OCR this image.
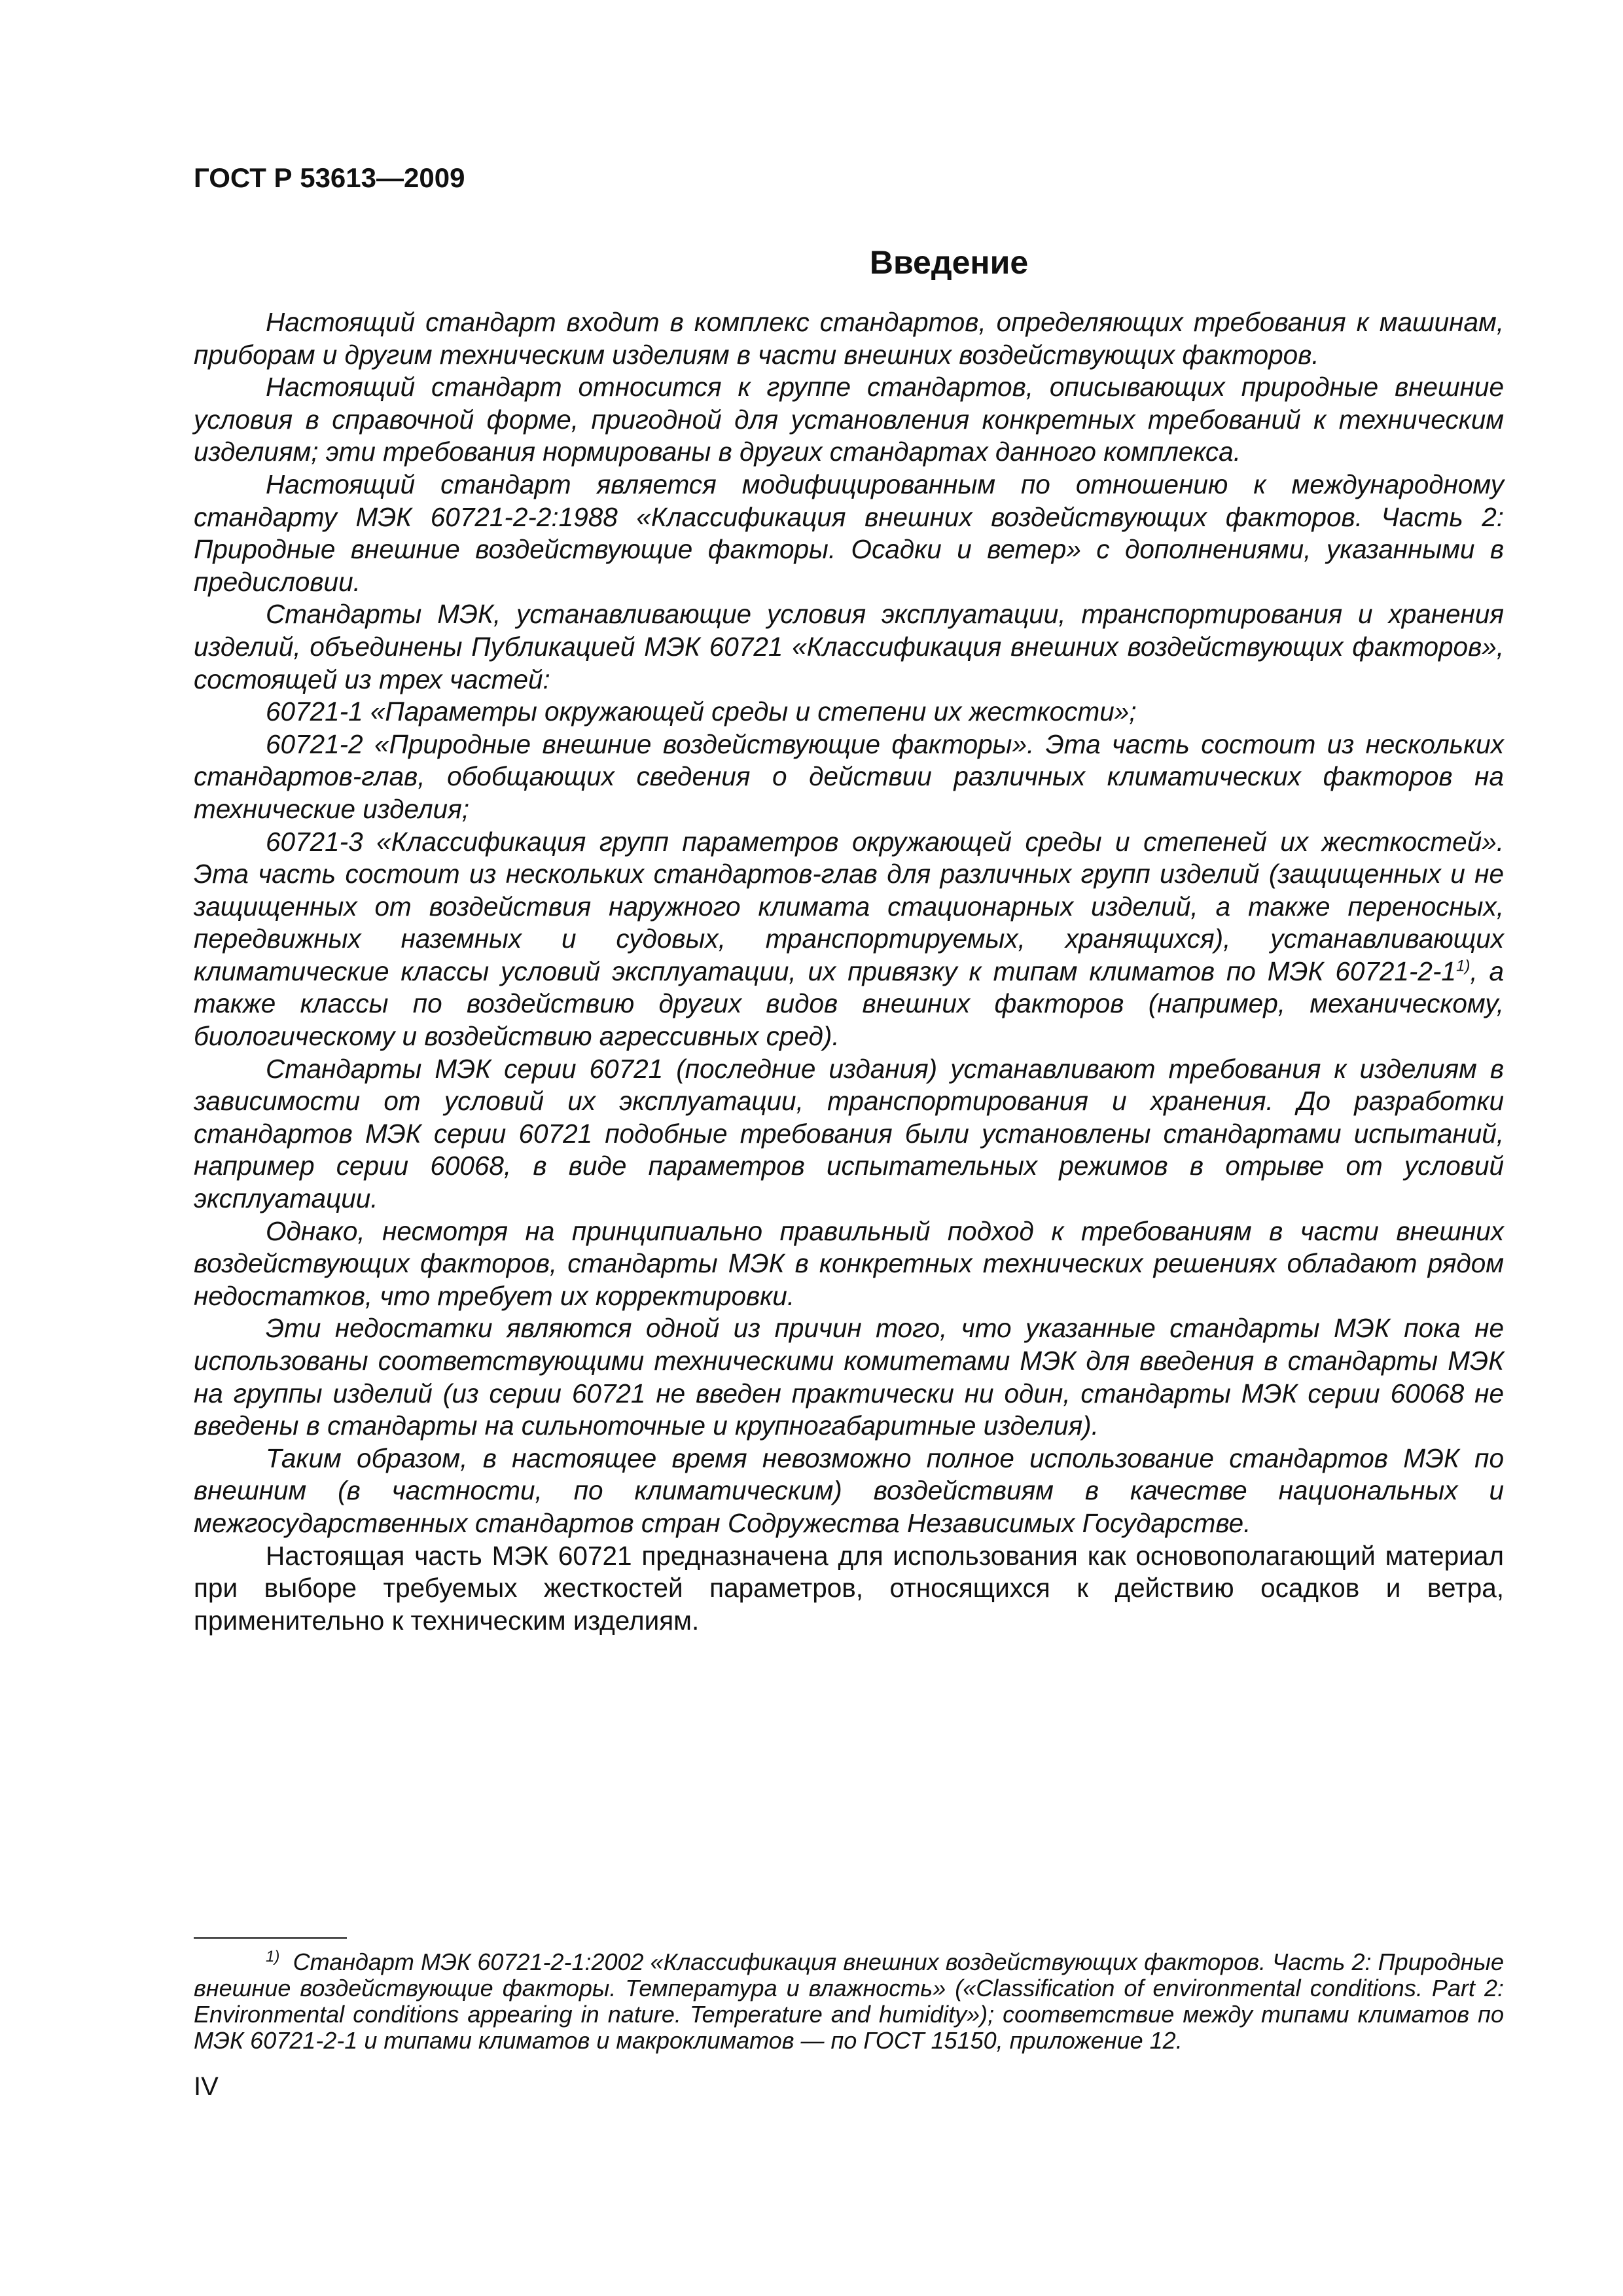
ГОСТ Р 53613—2009
Введение

Настоящий стандарт входит в комплекс стандартов, определяющих требования к машинам, приборам и другим техническим изделиям в части внешних воздействующих факторов.

Настоящий стандарт относится к группе стандартов, описывающих природные внешние условия в справочной форме, пригодной для установления конкретных требований к техническим изделиям; эти требования нормированы в других стандартах данного комплекса.

Настоящий стандарт является модифицированным по отношению к международному стандарту МЭК 60721-2-2:1988 «Классификация внешних воздействующих факторов. Часть 2: Природные внешние воздействующие факторы. Осадки и ветер» с дополнениями, указанными в предисловии.

Стандарты МЭК, устанавливающие условия эксплуатации, транспортирования и хранения изделий, объединены Публикацией МЭК 60721 «Классификация внешних воздействующих факторов», состоящей из трех частей:

60721-1 «Параметры окружающей среды и степени их жесткости»;

60721-2 «Природные внешние воздействующие факторы». Эта часть состоит из нескольких стандартов-глав, обобщающих сведения о действии различных климатических факторов на технические изделия;

60721-3 «Классификация групп параметров окружающей среды и степеней их жесткостей». Эта часть состоит из нескольких стандартов-глав для различных групп изделий (защищенных и не защищенных от воздействия наружного климата стационарных изделий, а также переносных, передвижных наземных и судовых, транспортируемых, хранящихся), устанавливающих климатические классы условий эксплуатации, их привязку к типам климатов по МЭК 60721-2-1$^{1)}$, а также классы по воздействию других видов внешних факторов (например, механическому, биологическому и воздействию агрессивных сред).

Стандарты МЭК серии 60721 (последние издания) устанавливают требования к изделиям в зависимости от условий их эксплуатации, транспортирования и хранения. До разработки стандартов МЭК серии 60721 подобные требования были установлены стандартами испытаний, например серии 60068, в виде параметров испытательных режимов в отрыве от условий эксплуатации.

Однако, несмотря на принципиально правильный подход к требованиям в части внешних воздействующих факторов, стандарты МЭК в конкретных технических решениях обладают рядом недостатков, что требует их корректировки.

Эти недостатки являются одной из причин того, что указанные стандарты МЭК пока не использованы соответствующими техническими комитетами МЭК для введения в стандарты МЭК на группы изделий (из серии 60721 не введен практически ни один, стандарты МЭК серии 60068 не введены в стандарты на сильноточные и крупногабаритные изделия).

Таким образом, в настоящее время невозможно полное использование стандартов МЭК по внешним (в частности, по климатическим) воздействиям в качестве национальных и межгосударственных стандартов стран Содружества Независимых Государстве.

Настоящая часть МЭК 60721 предназначена для использования как основополагающий материал при выборе требуемых жесткостей параметров, относящихся к действию осадков и ветра, применительно к техническим изделиям.

$^{1)}$ Стандарт МЭК 60721-2-1:2002 «Классификация внешних воздействующих факторов. Часть 2: Природные внешние воздействующие факторы. Температура и влажность» («Classification of environmental conditions. Part 2: Environmental conditions appearing in nature. Temperature and humidity»); соответствие между типами климатов по МЭК 60721-2-1 и типами климатов и макроклиматов — по ГОСТ 15150, приложение 12.
IV
